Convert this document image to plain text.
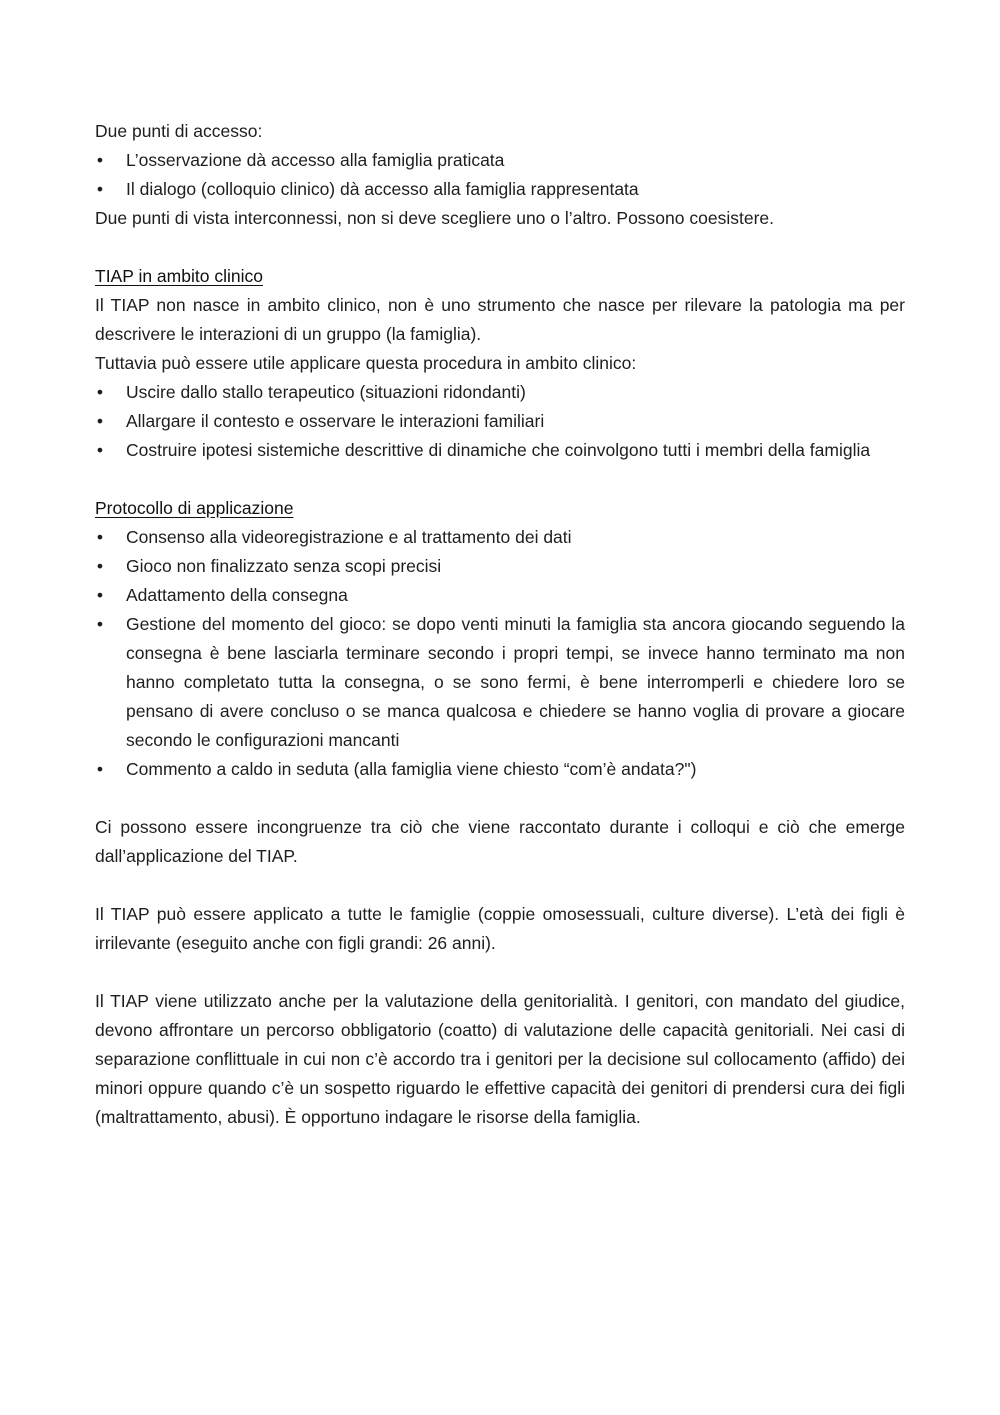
Due punti di accesso:

• L’osservazione dà accesso alla famiglia praticata
• Il dialogo (colloquio clinico) dà accesso alla famiglia rappresentata

Due punti di vista interconnessi, non si deve scegliere uno o l’altro. Possono coesistere.

TIAP in ambito clinico

Il TIAP non nasce in ambito clinico, non è uno strumento che nasce per rilevare la patologia ma per descrivere le interazioni di un gruppo (la famiglia).

Tuttavia può essere utile applicare questa procedura in ambito clinico:

• Uscire dallo stallo terapeutico (situazioni ridondanti)
• Allargare il contesto e osservare le interazioni familiari
• Costruire ipotesi sistemiche descrittive di dinamiche che coinvolgono tutti i membri della famiglia

Protocollo di applicazione

• Consenso alla videoregistrazione e al trattamento dei dati
• Gioco non finalizzato senza scopi precisi
• Adattamento della consegna
• Gestione del momento del gioco: se dopo venti minuti la famiglia sta ancora giocando seguendo la consegna è bene lasciarla terminare secondo i propri tempi, se invece hanno terminato ma non hanno completato tutta la consegna, o se sono fermi, è bene interromperli e chiedere loro se pensano di avere concluso o se manca qualcosa e chiedere se hanno voglia di provare a giocare secondo le configurazioni mancanti
• Commento a caldo in seduta (alla famiglia viene chiesto “com’è andata?")

Ci possono essere incongruenze tra ciò che viene raccontato durante i colloqui e ciò che emerge dall’applicazione del TIAP.

Il TIAP può essere applicato a tutte le famiglie (coppie omosessuali, culture diverse). L’età dei figli è irrilevante (eseguito anche con figli grandi: 26 anni).

Il TIAP viene utilizzato anche per la valutazione della genitorialità. I genitori, con mandato del giudice, devono affrontare un percorso obbligatorio (coatto) di valutazione delle capacità genitoriali. Nei casi di separazione conflittuale in cui non c’è accordo tra i genitori per la decisione sul collocamento (affido) dei minori oppure quando c’è un sospetto riguardo le effettive capacità dei genitori di prendersi cura dei figli (maltrattamento, abusi). È opportuno indagare le risorse della famiglia.
